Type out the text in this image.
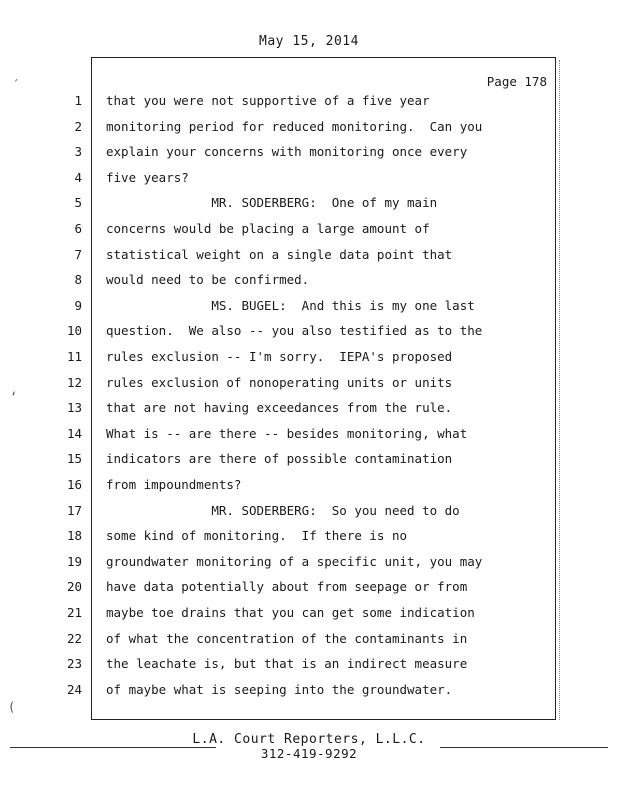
May 15, 2014
Page 178
1 that you were not supportive of a five year
2 monitoring period for reduced monitoring.  Can you
3 explain your concerns with monitoring once every
4 five years?
5 MR. SODERBERG:  One of my main
6 concerns would be placing a large amount of
7 statistical weight on a single data point that
8 would need to be confirmed.
9 MS. BUGEL:  And this is my one last
10 question.  We also -- you also testified as to the
11 rules exclusion -- I'm sorry.  IEPA's proposed
12 rules exclusion of nonoperating units or units
13 that are not having exceedances from the rule.
14 What is -- are there -- besides monitoring, what
15 indicators are there of possible contamination
16 from impoundments?
17 MR. SODERBERG:  So you need to do
18 some kind of monitoring.  If there is no
19 groundwater monitoring of a specific unit, you may
20 have data potentially about from seepage or from
21 maybe toe drains that you can get some indication
22 of what the concentration of the contaminants in
23 the leachate is, but that is an indirect measure
24 of maybe what is seeping into the groundwater.
L.A. Court Reporters, L.L.C.
312-419-9292
´
‘
(
